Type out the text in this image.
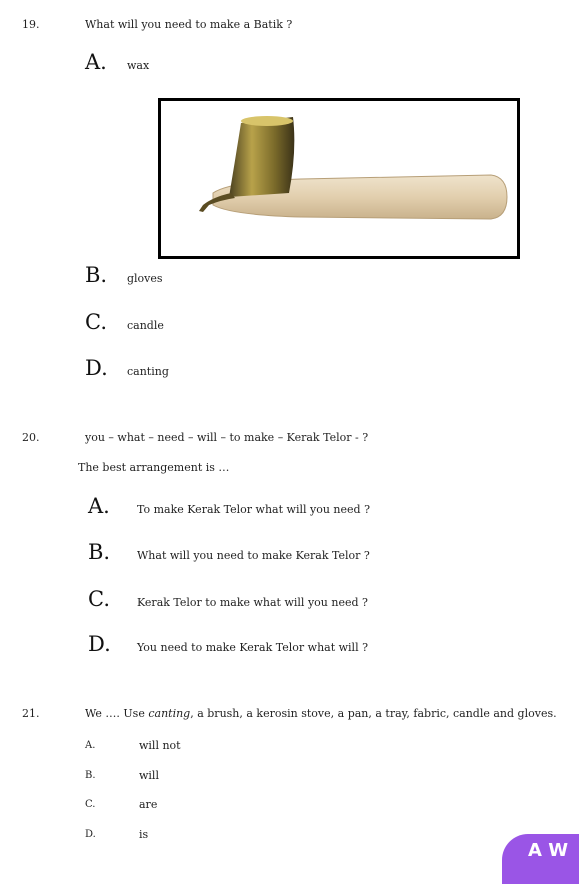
19.	What will you need to make a Batik ?
A. wax
B. gloves
C. candle
D. canting
20.	you – what – need – will – to make – Kerak Telor - ?
The best arrangement is …
A. To make Kerak Telor what will you need ?
B. What will you need to make Kerak Telor ?
C. Kerak Telor to make what will you need ?
D. You need to make Kerak Telor what will ?
21.	We …. Use canting, a brush, a kerosin stove, a pan, a tray, fabric, candle and gloves.
A.	will not
B.	will
C.	are
D.	is
A W
